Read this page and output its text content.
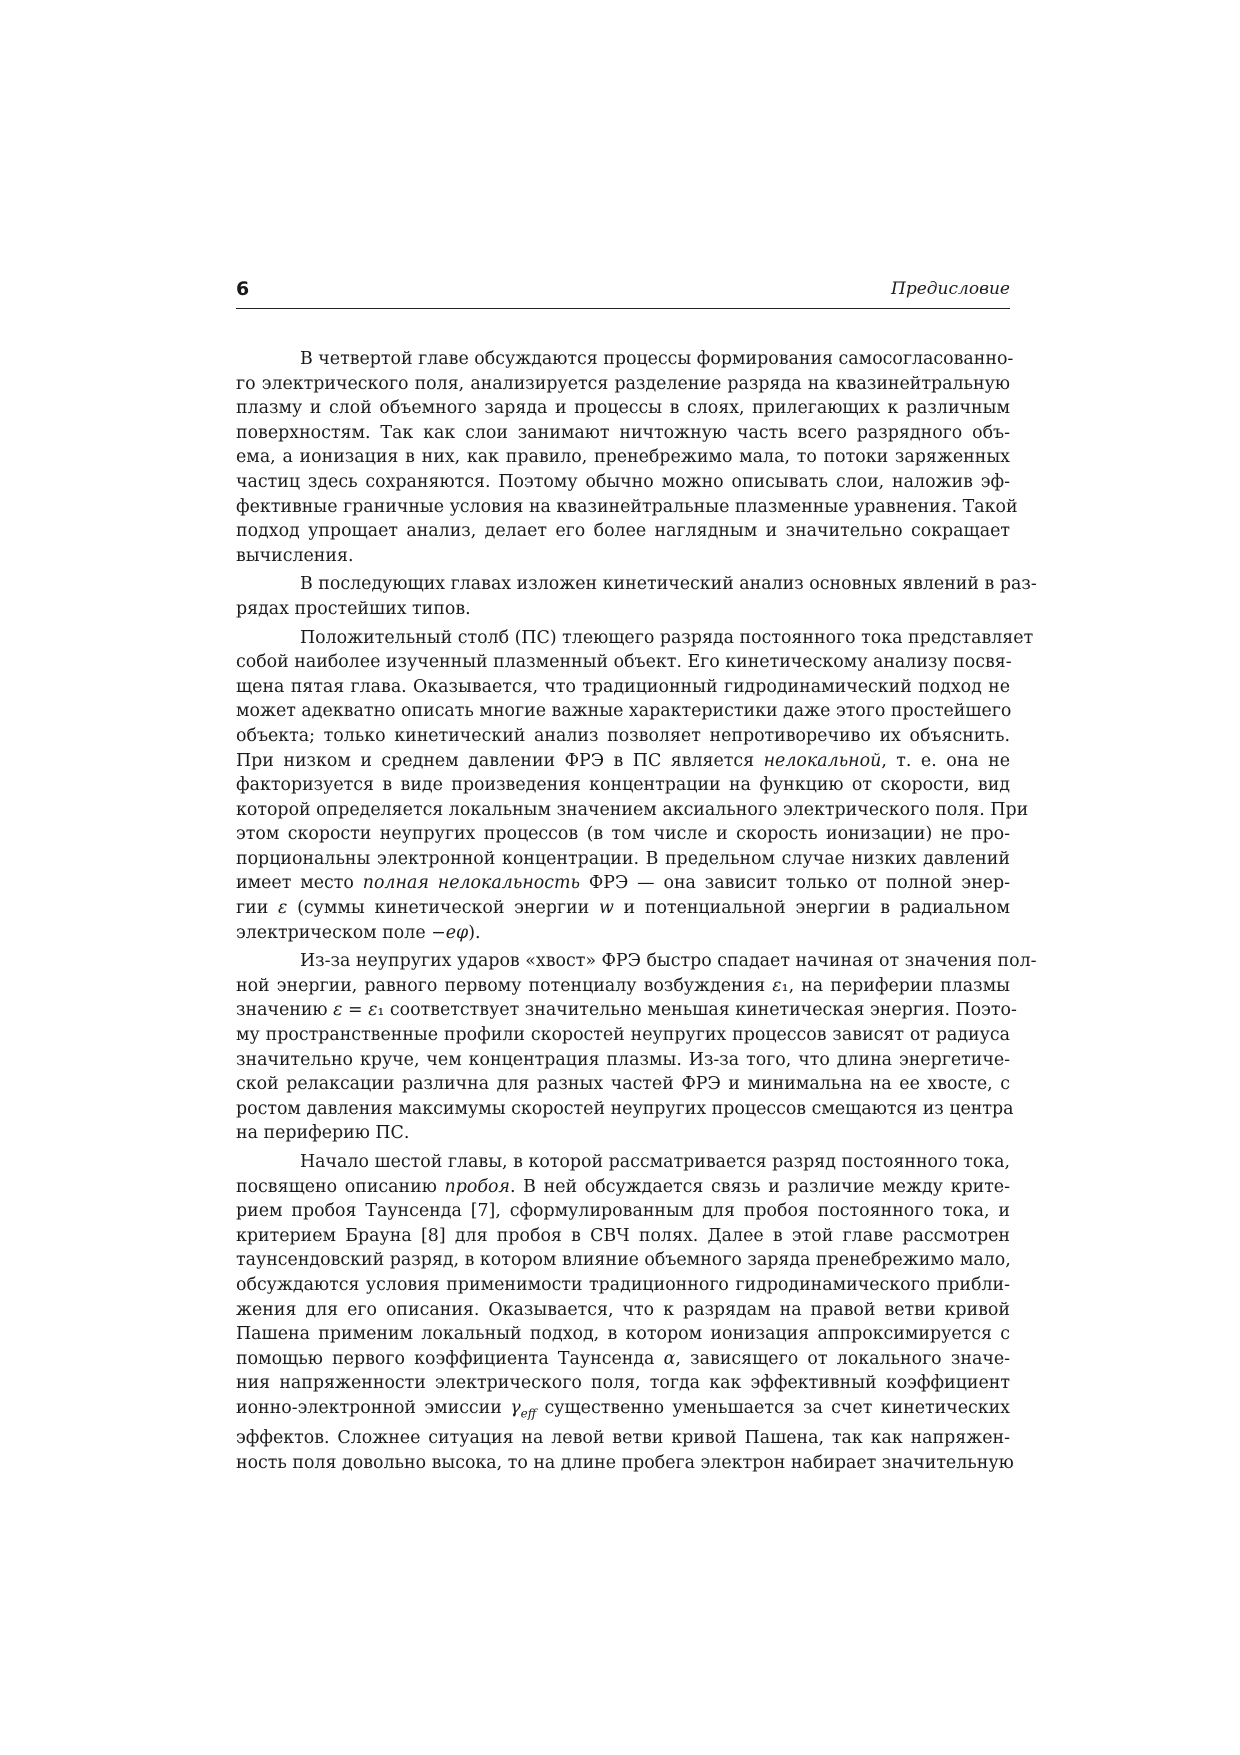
6	Предисловие
В четвертой главе обсуждаются процессы формирования самосогласованно-
го электрического поля, анализируется разделение разряда на квазинейтральную
плазму и слой объемного заряда и процессы в слоях, прилегающих к различным
поверхностям. Так как слои занимают ничтожную часть всего разрядного объ-
ема, а ионизация в них, как правило, пренебрежимо мала, то потоки заряженных
частиц здесь сохраняются. Поэтому обычно можно описывать слои, наложив эф-
фективные граничные условия на квазинейтральные плазменные уравнения. Такой
подход упрощает анализ, делает его более наглядным и значительно сокращает
вычисления.
В последующих главах изложен кинетический анализ основных явлений в раз-
рядах простейших типов.
Положительный столб (ПС) тлеющего разряда постоянного тока представляет
собой наиболее изученный плазменный объект. Его кинетическому анализу посвя-
щена пятая глава. Оказывается, что традиционный гидродинамический подход не
может адекватно описать многие важные характеристики даже этого простейшего
объекта; только кинетический анализ позволяет непротиворечиво их объяснить.
При низком и среднем давлении ФРЭ в ПС является нелокальной, т. е. она не
факторизуется в виде произведения концентрации на функцию от скорости, вид
которой определяется локальным значением аксиального электрического поля. При
этом скорости неупругих процессов (в том числе и скорость ионизации) не про-
порциональны электронной концентрации. В предельном случае низких давлений
имеет место полная нелокальность ФРЭ — она зависит только от полной энер-
гии ε (суммы кинетической энергии w и потенциальной энергии в радиальном
электрическом поле −eφ).
Из-за неупругих ударов «хвост» ФРЭ быстро спадает начиная от значения пол-
ной энергии, равного первому потенциалу возбуждения ε₁, на периферии плазмы
значению ε = ε₁ соответствует значительно меньшая кинетическая энергия. Поэто-
му пространственные профили скоростей неупругих процессов зависят от радиуса
значительно круче, чем концентрация плазмы. Из-за того, что длина энергетиче-
ской релаксации различна для разных частей ФРЭ и минимальна на ее хвосте, с
ростом давления максимумы скоростей неупругих процессов смещаются из центра
на периферию ПС.
Начало шестой главы, в которой рассматривается разряд постоянного тока,
посвящено описанию пробоя. В ней обсуждается связь и различие между крите-
рием пробоя Таунсенда [7], сформулированным для пробоя постоянного тока, и
критерием Брауна [8] для пробоя в СВЧ полях. Далее в этой главе рассмотрен
таунсендовский разряд, в котором влияние объемного заряда пренебрежимо мало,
обсуждаются условия применимости традиционного гидродинамического прибли-
жения для его описания. Оказывается, что к разрядам на правой ветви кривой
Пашена применим локальный подход, в котором ионизация аппроксимируется с
помощью первого коэффициента Таунсенда α, зависящего от локального значе-
ния напряженности электрического поля, тогда как эффективный коэффициент
ионно-электронной эмиссии $\gamma_{eff}$ существенно уменьшается за счет кинетических
эффектов. Сложнее ситуация на левой ветви кривой Пашена, так как напряжен-
ность поля довольно высока, то на длине пробега электрон набирает значительную
